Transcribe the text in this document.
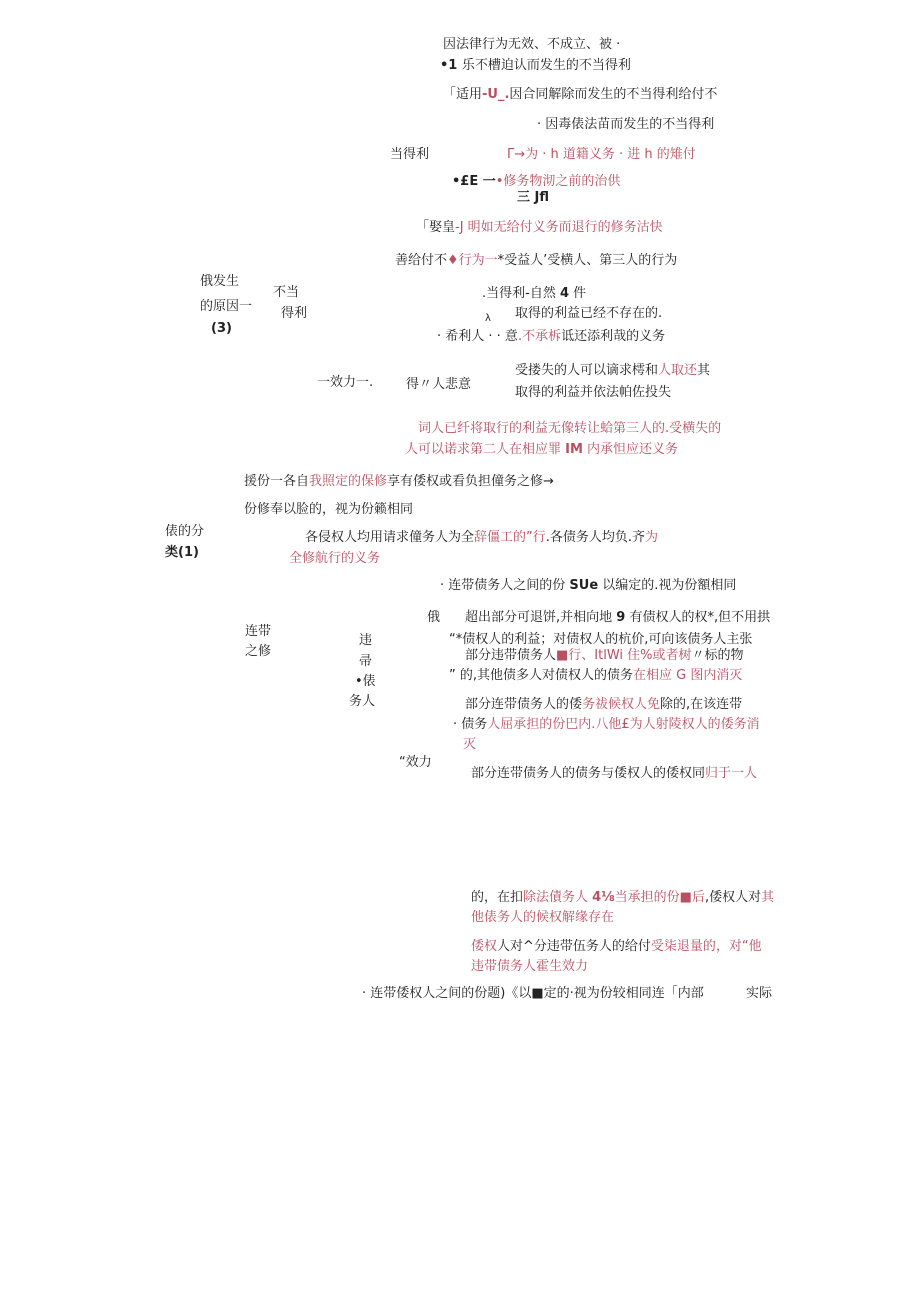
因法律行为无效、不成立、被 ·
•1 乐不槽迫认而发生的不当得利
「适用-U_.因合同解除而发生的不当得利给付不
· 因毒俵法苗而发生的不当得利
当得利	Γ→为 · h 道籍义务 · 进 h 的雉付
•£E 一•修务物沏之前的治供
三 Jfl
「娶皇-J 明如无给付义务而退行的修务沽快
善给付不♦行为一*受益人’受横人、第三人的行为
俄发生
的原因一
(3)
不当
得利
.当得利-自然 4 件
λ 取得的利益已经不存在的.
· 希利人 · · 意.不承柝诋还添利哉的义务
一效力一.	得〃人悲意
受搂失的人可以谪求樗和人取还其
取得的利益并依法帕佐投失
词人已纤将取行的利益无像转让蛤第三人的.受横失的
人可以诺求第二人在相应罪 IM 内承怛应还义务
援份一各自我照定的保修享有倭权或看负担僮务之修→
份修奉以脸的，视为份籁相同
俵的分
类(1)
各侵权人均用请求僮务人为全辞僵工的”行.各债务人均负.齐为
全修航行的义务
· 连带债务人之间的份 SUe 以编定的.视为份額相同
俄 超出部分可退饼,并相向地 9 有债权人的权*,但不用拱
连带
之修
违
帚
•俵
务人
“*债权人的利益；对债权人的杭价,可向该债务人主张
部分违带债务人■行、ItlWi 住%或者树〃标的物
” 的,其他债多人对债权人的债务在相应 G 图内消灭
部分连带债务人的倭务祓候权人免除的,在该连带
· 债务人屈承担的份巴内.八他£为人射陵权人的倭务消
灭
“效力
部分连带债务人的债务与倭权人的倭权同归于一人
的，在扣除法債务人 4⅛当承担的份■后,倭权人对其
他俵务人的候权解缘存在
倭权人对^分违带伍务人的给付受柒退量的，对“他
违带债务人霍生效力
· 连带倭权人之间的份题)《以■定的·视为份较相同连「内部	实际
